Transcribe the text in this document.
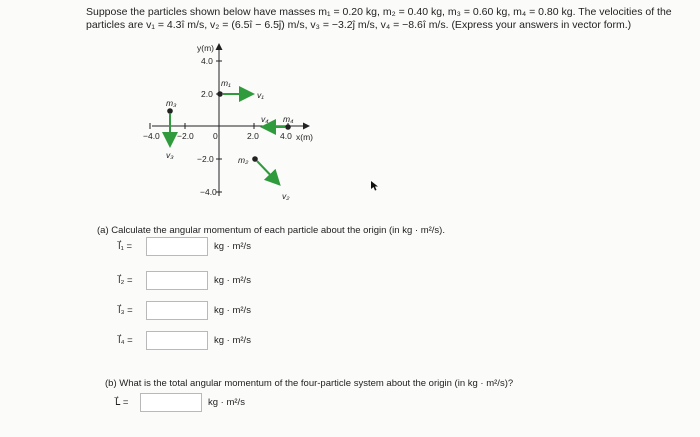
Suppose the particles shown below have masses m₁ = 0.20 kg, m₂ = 0.40 kg, m₃ = 0.60 kg, m₄ = 0.80 kg. The velocities of the
particles are v₁ = 4.3î m/s, v₂ = (6.5î − 6.5ĵ) m/s, v₃ = −3.2ĵ m/s, v₄ = −8.6î m/s. (Express your answers in vector form.)
y(m)
x(m)
−4.0 −2.0 0	2.0 4.0
4.0
2.0
−2.0
−4.0
m₁
v₁
m₃
v₃
m₄
v₄
m₂
v₂
(a) Calculate the angular momentum of each particle about the origin (in kg · m²/s).
l⃗₁ =	kg · m²/s
l⃗₂ =	kg · m²/s
l⃗₃ =	kg · m²/s
l⃗₄ =	kg · m²/s
(b) What is the total angular momentum of the four-particle system about the origin (in kg · m²/s)?
L⃗ =	kg · m²/s
